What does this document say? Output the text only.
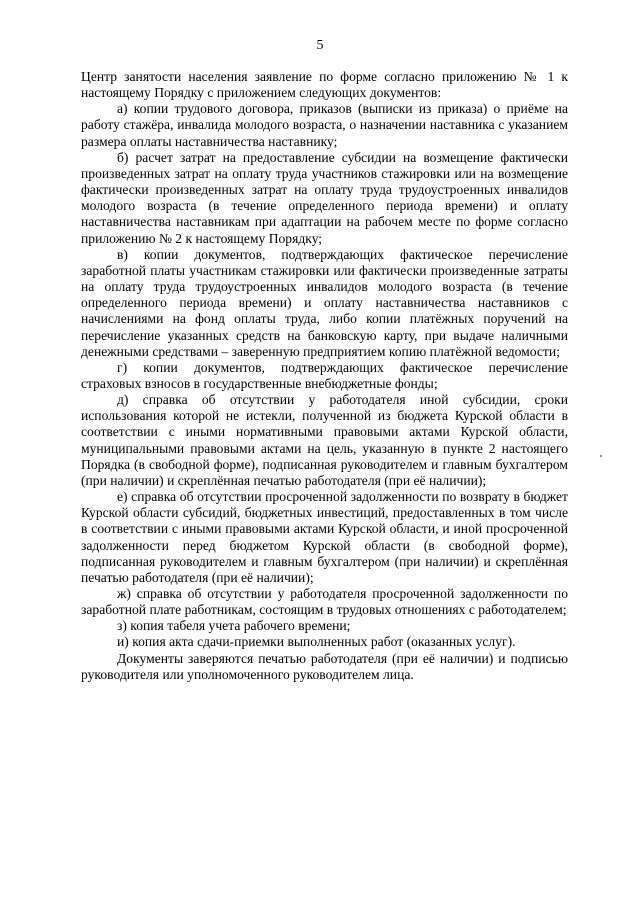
5

Центр занятости населения заявление по форме согласно приложению № 1 к настоящему Порядку с приложением следующих документов:

а) копии трудового договора, приказов (выписки из приказа) о приёме на работу стажёра, инвалида молодого возраста, о назначении наставника с указанием размера оплаты наставничества наставнику;

б) расчет затрат на предоставление субсидии на возмещение фактически произведенных затрат на оплату труда участников стажировки или на возмещение фактически произведенных затрат на оплату труда трудоустроенных инвалидов молодого возраста (в течение определенного периода времени) и оплату наставничества наставникам при адаптации на рабочем месте по форме согласно приложению № 2 к настоящему Порядку;

в) копии документов, подтверждающих фактическое перечисление заработной платы участникам стажировки или фактически произведенные затраты на оплату труда трудоустроенных инвалидов молодого возраста (в течение определенного периода времени) и оплату наставничества наставников с начислениями на фонд оплаты труда, либо копии платёжных поручений на перечисление указанных средств на банковскую карту, при выдаче наличными денежными средствами – заверенную предприятием копию платёжной ведомости;

г) копии документов, подтверждающих фактическое перечисление страховых взносов в государственные внебюджетные фонды;

д) справка об отсутствии у работодателя иной субсидии, сроки использования которой не истекли, полученной из бюджета Курской области в соответствии с иными нормативными правовыми актами Курской области, муниципальными правовыми актами на цель, указанную в пункте 2 настоящего Порядка (в свободной форме), подписанная руководителем и главным бухгалтером (при наличии) и скреплённая печатью работодателя (при её наличии);

е) справка об отсутствии просроченной задолженности по возврату в бюджет Курской области субсидий, бюджетных инвестиций, предоставленных в том числе в соответствии с иными правовыми актами Курской области, и иной просроченной задолженности перед бюджетом Курской области (в свободной форме), подписанная руководителем и главным бухгалтером (при наличии) и скреплённая печатью работодателя (при её наличии);

ж) справка об отсутствии у работодателя просроченной задолженности по заработной плате работникам, состоящим в трудовых отношениях с работодателем;

з) копия табеля учета рабочего времени;

и) копия акта сдачи-приемки выполненных работ (оказанных услуг).

Документы заверяются печатью работодателя (при её наличии) и подписью руководителя или уполномоченного руководителем лица.
